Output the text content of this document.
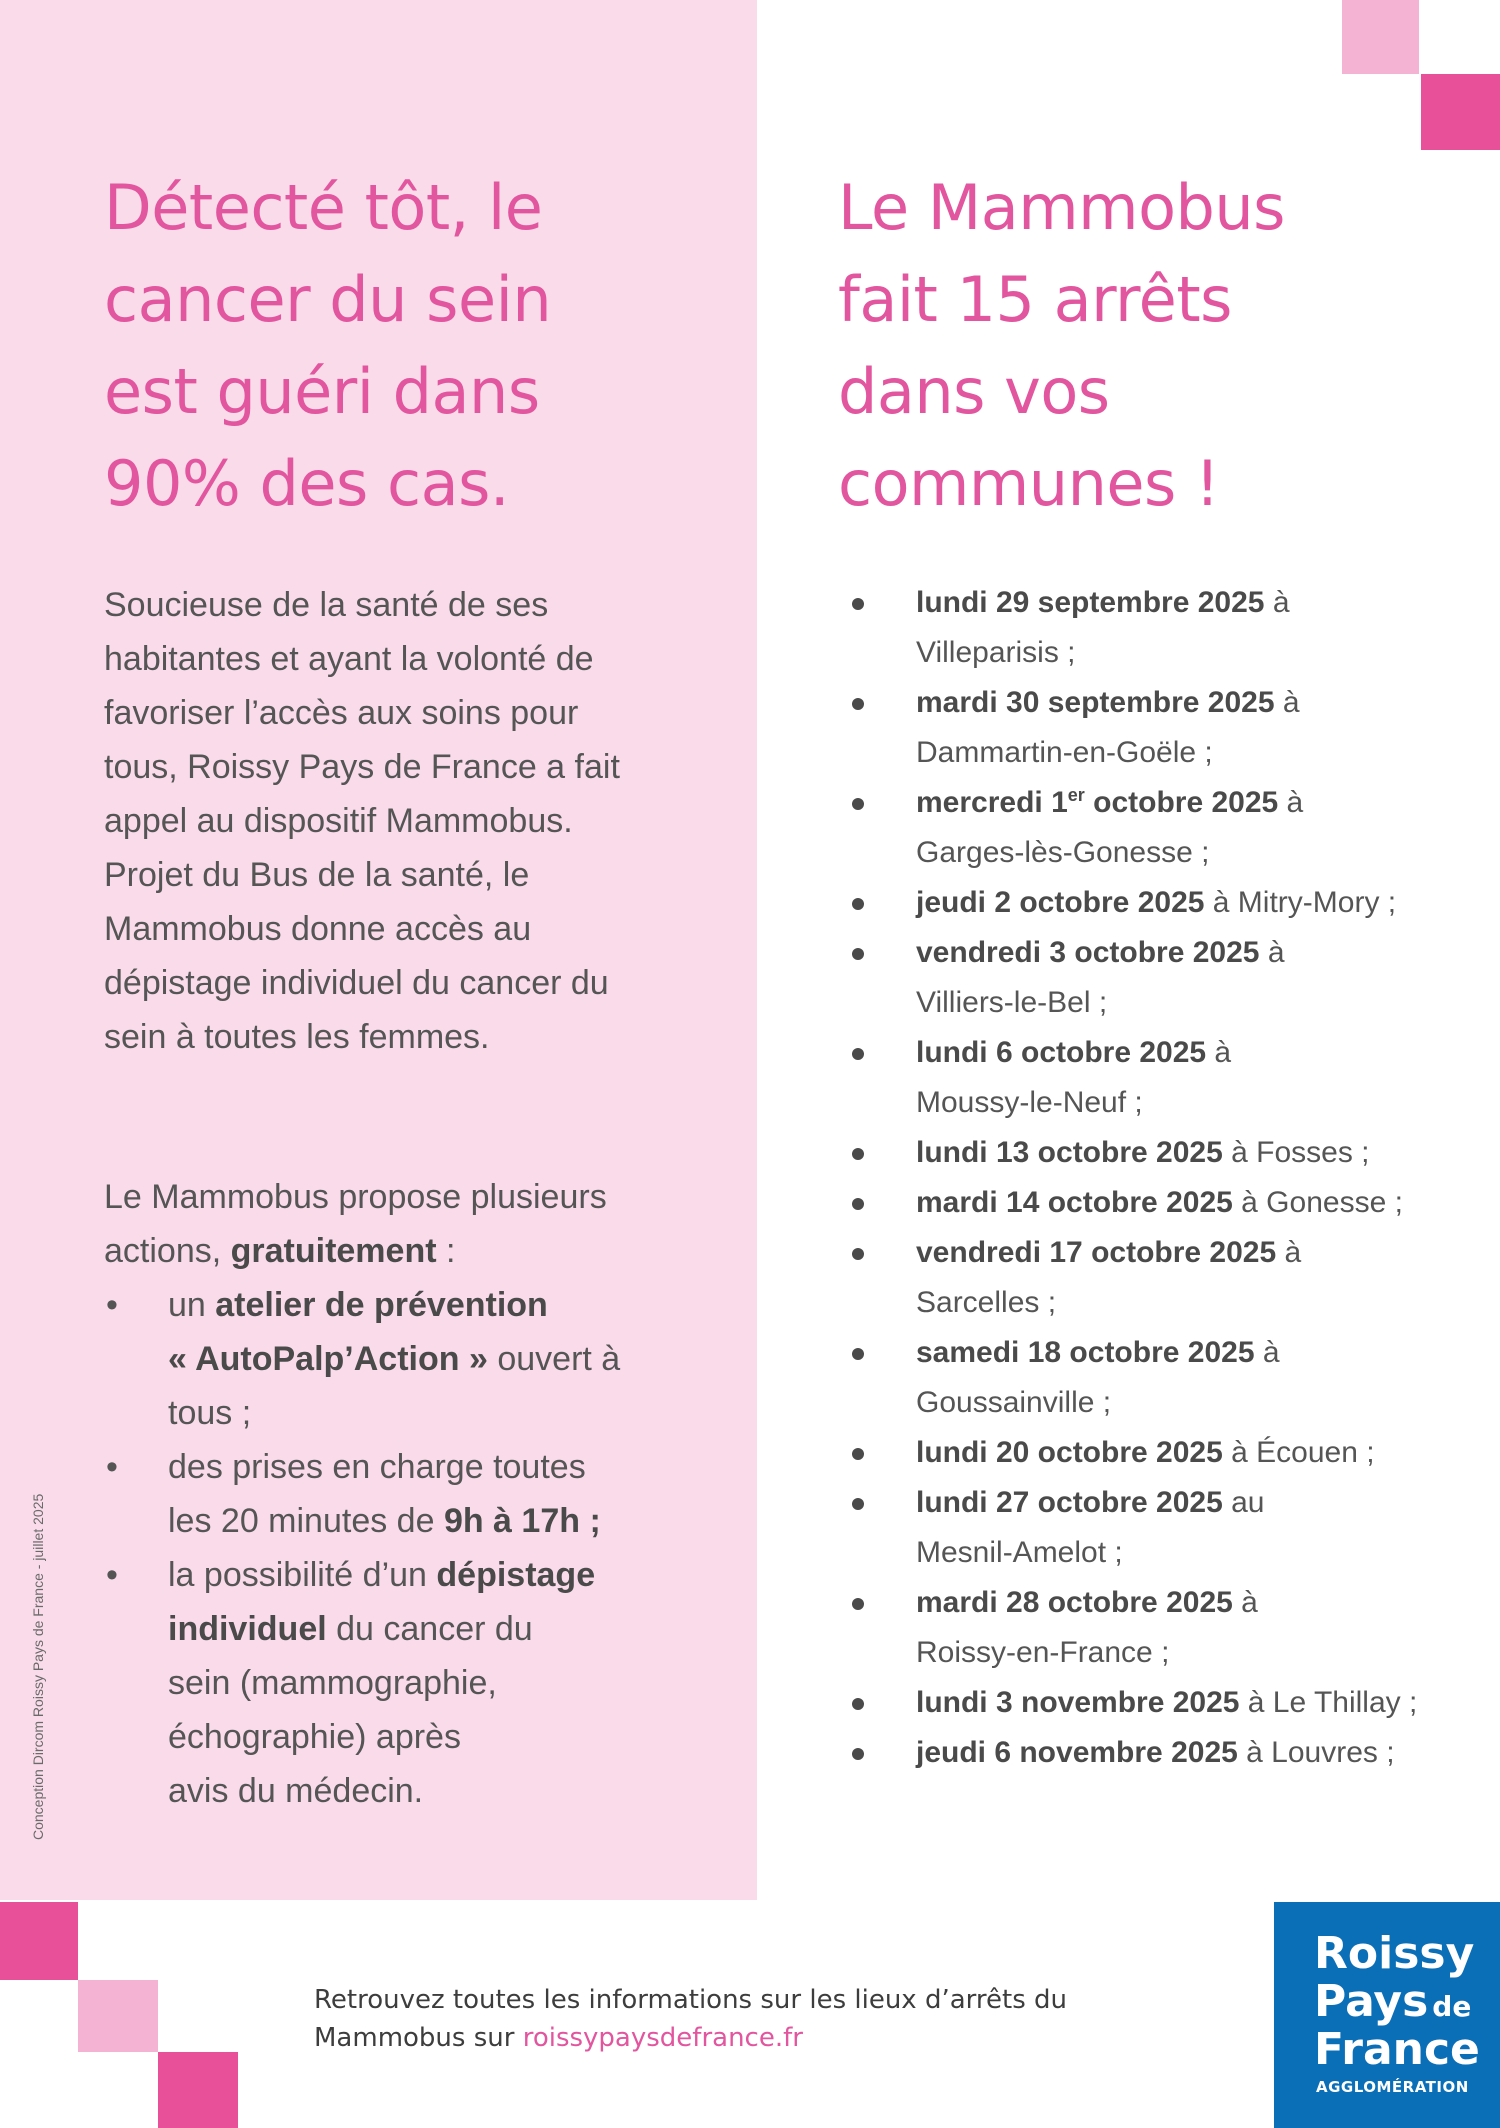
Conception Dircom Roissy Pays de France - juillet 2025
Détecté tôt, le
cancer du sein
est guéri dans
90% des cas.
Le Mammobus
fait 15 arrêts
dans vos
communes !
Soucieuse de la santé de ses
habitantes et ayant la volonté de
favoriser l’accès aux soins pour
tous, Roissy Pays de France a fait
appel au dispositif Mammobus.
Projet du Bus de la santé, le
Mammobus donne accès au
dépistage individuel du cancer du
sein à toutes les femmes.
Le Mammobus propose plusieurs
actions, gratuitement :
• un atelier de prévention
« AutoPalp’Action » ouvert à
tous ;
• des prises en charge toutes
les 20 minutes de 9h à 17h ;
• la possibilité d’un dépistage
individuel du cancer du
sein (mammographie,
échographie) après
avis du médecin.
lundi 29 septembre 2025 à
Villeparisis ;
mardi 30 septembre 2025 à
Dammartin-en-Goële ;
mercredi 1er octobre 2025 à
Garges-lès-Gonesse ;
jeudi 2 octobre 2025 à Mitry-Mory ;
vendredi 3 octobre 2025 à
Villiers-le-Bel ;
lundi 6 octobre 2025 à
Moussy-le-Neuf ;
lundi 13 octobre 2025 à Fosses ;
mardi 14 octobre 2025 à Gonesse ;
vendredi 17 octobre 2025 à
Sarcelles ;
samedi 18 octobre 2025 à
Goussainville ;
lundi 20 octobre 2025 à Écouen ;
lundi 27 octobre 2025 au
Mesnil-Amelot ;
mardi 28 octobre 2025 à
Roissy-en-France ;
lundi 3 novembre 2025 à Le Thillay ;
jeudi 6 novembre 2025 à Louvres ;
Retrouvez toutes les informations sur les lieux d’arrêts du
Mammobus sur roissypaysdefrance.fr
Roissy
Pays de
France
AGGLOMÉRATION
